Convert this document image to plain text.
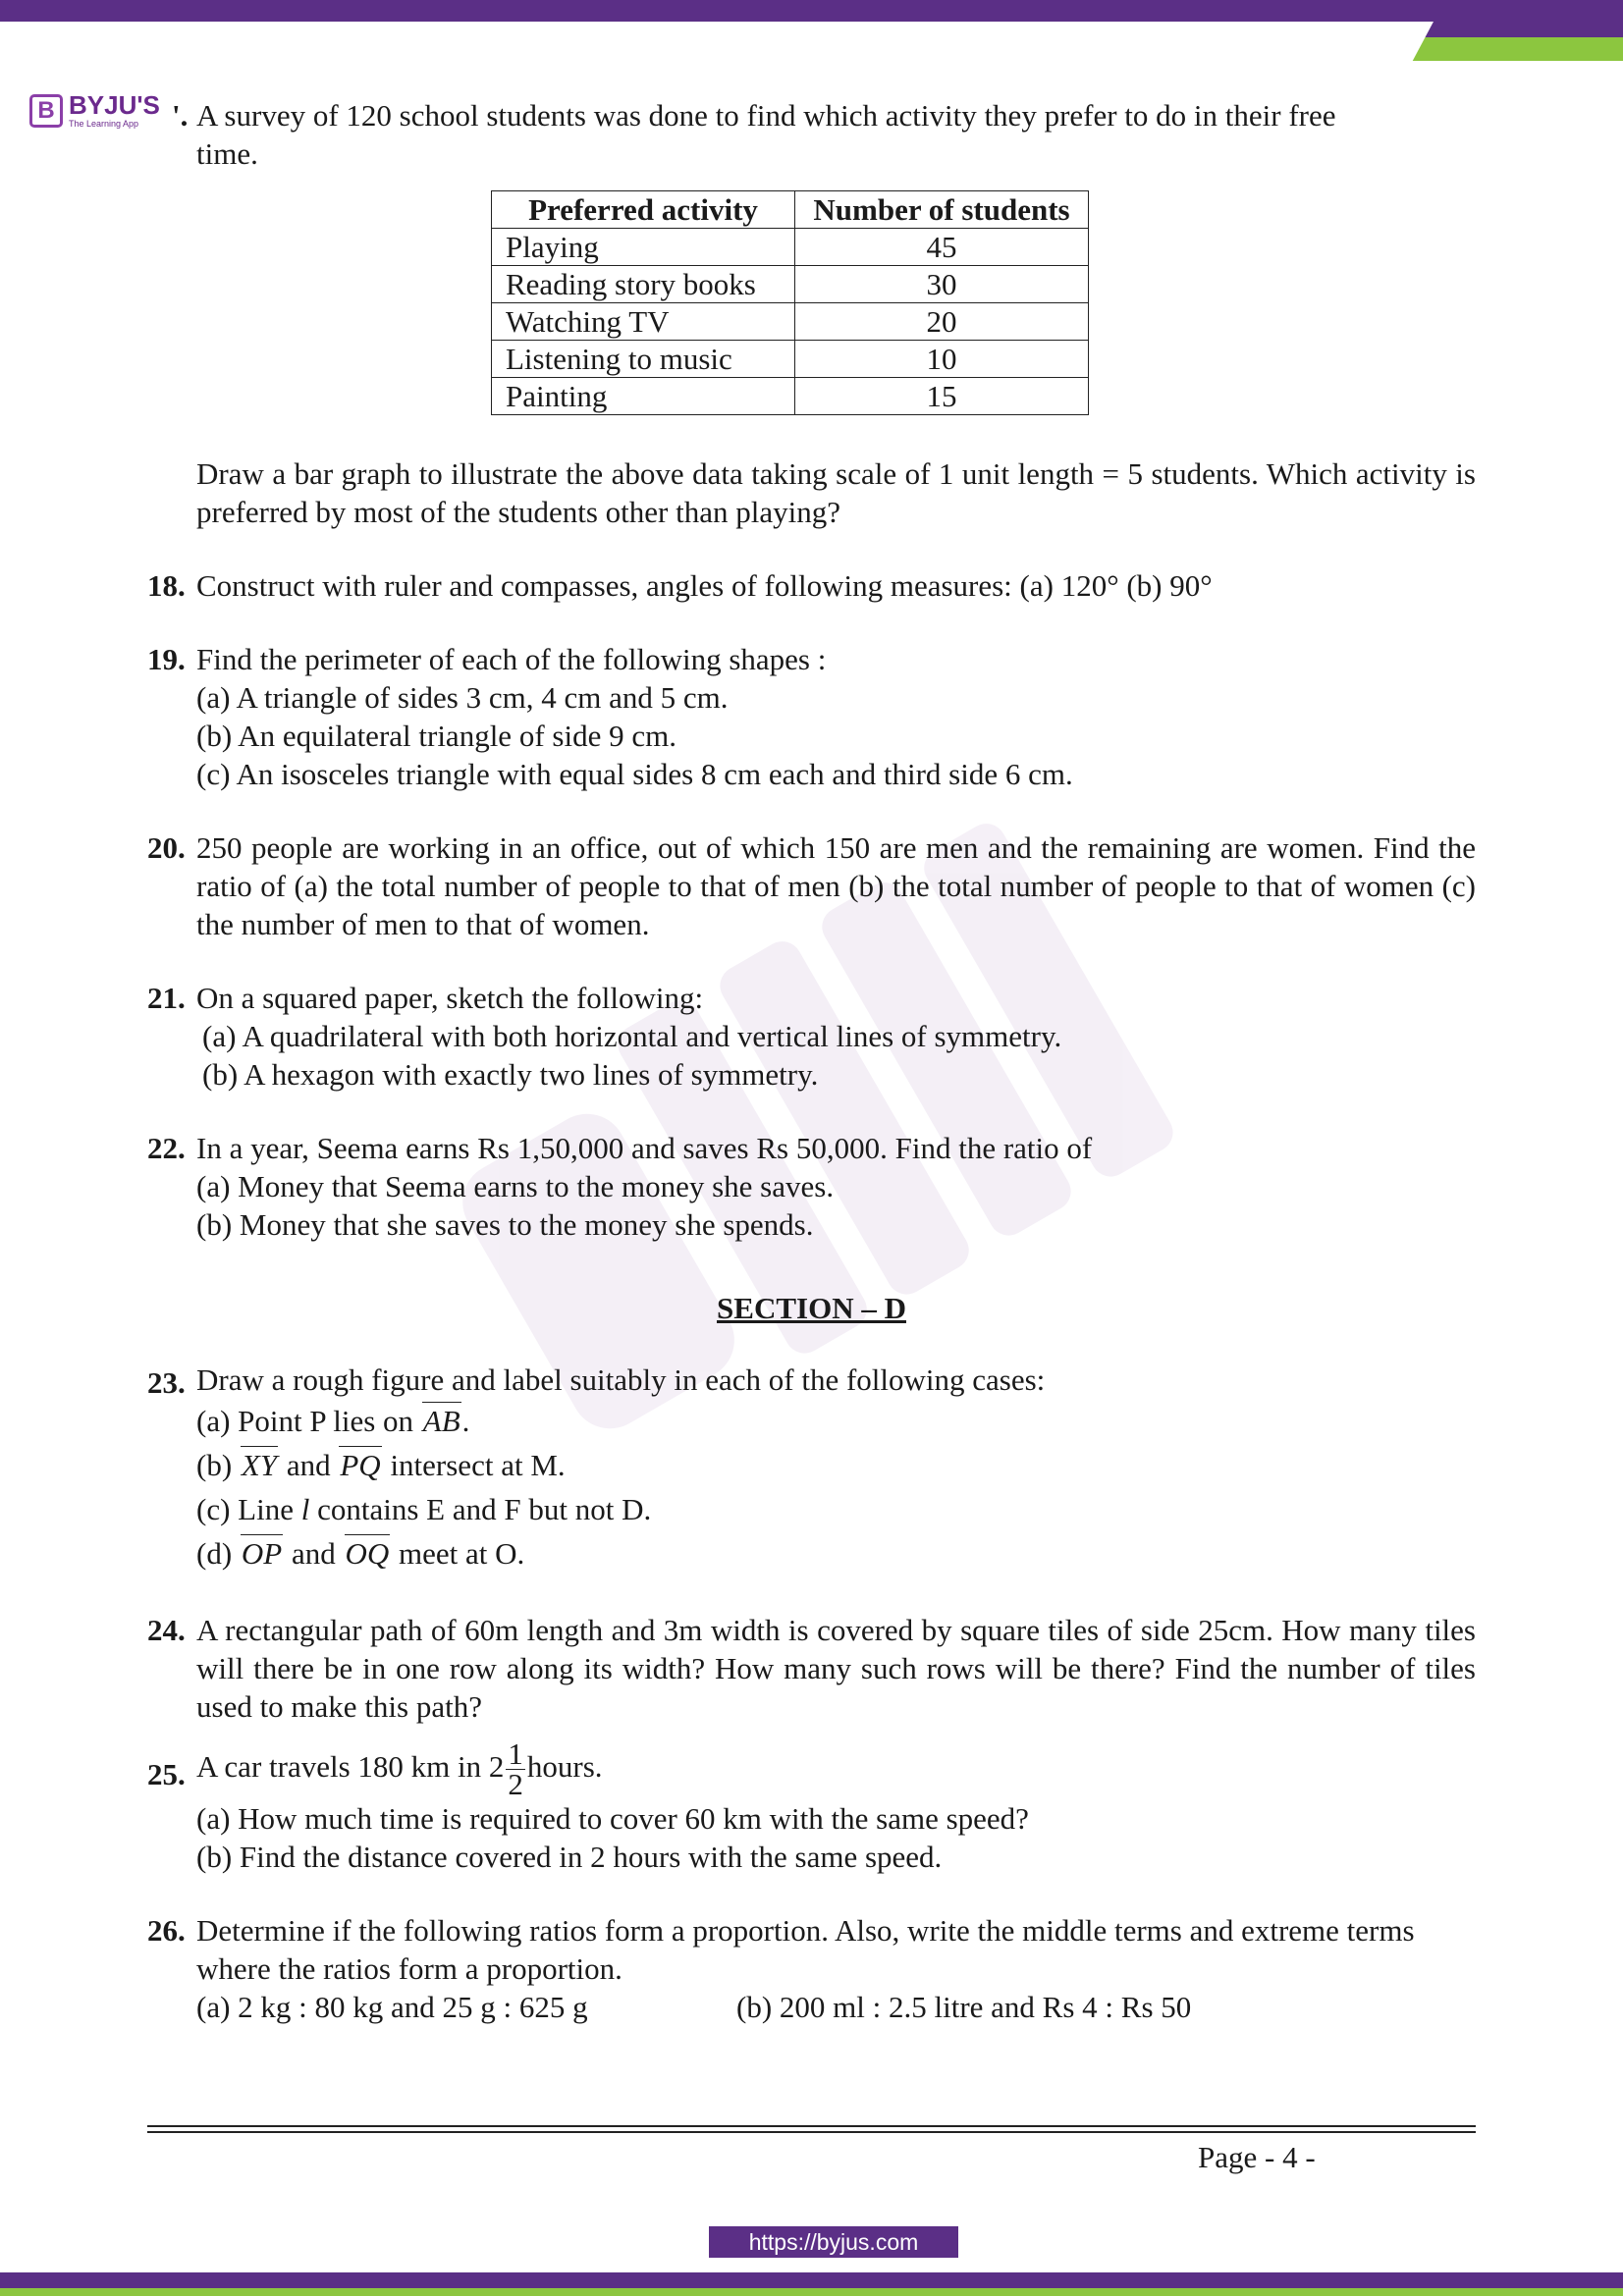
B BYJU'S
The Learning App	'. A survey of 120 school students was done to find which activity they prefer to do in their free
time.
Preferred activity	Number of students
Playing	45
Reading story books	30
Watching TV	20
Listening to music	10
Painting	15
Draw a bar graph to illustrate the above data taking scale of 1 unit length = 5 students. Which activity is preferred by most of the students other than playing?
18. Construct with ruler and compasses, angles of following measures: (a) 120° (b) 90°
19. Find the perimeter of each of the following shapes :
(a) A triangle of sides 3 cm, 4 cm and 5 cm.
(b) An equilateral triangle of side 9 cm.
(c) An isosceles triangle with equal sides 8 cm each and third side 6 cm.
20. 250 people are working in an office, out of which 150 are men and the remaining are women. Find the ratio of (a) the total number of people to that of men (b) the total number of people to that of women (c) the number of men to that of women.
21. On a squared paper, sketch the following:
(a) A quadrilateral with both horizontal and vertical lines of symmetry.
(b) A hexagon with exactly two lines of symmetry.
22. In a year, Seema earns Rs 1,50,000 and saves Rs 50,000. Find the ratio of
(a) Money that Seema earns to the money she saves.
(b) Money that she saves to the money she spends.
SECTION – D
23. Draw a rough figure and label suitably in each of the following cases:
(a) Point P lies on AB.
(b) XY and PQ intersect at M.
(c) Line l contains E and F but not D.
(d) OP and OQ meet at O.
24. A rectangular path of 60m length and 3m width is covered by square tiles of side 25cm. How many tiles will there be in one row along its width? How many such rows will be there? Find the number of tiles used to make this path?
25. A car travels 180 km in $2 \frac{1}{2}$ hours.
(a) How much time is required to cover 60 km with the same speed?
(b) Find the distance covered in 2 hours with the same speed.
26. Determine if the following ratios form a proportion. Also, write the middle terms and extreme terms where the ratios form a proportion.
(a) 2 kg : 80 kg and 25 g : 625 g	(b) 200 ml : 2.5 litre and Rs 4 : Rs 50
Page - 4 -
https://byjus.com
